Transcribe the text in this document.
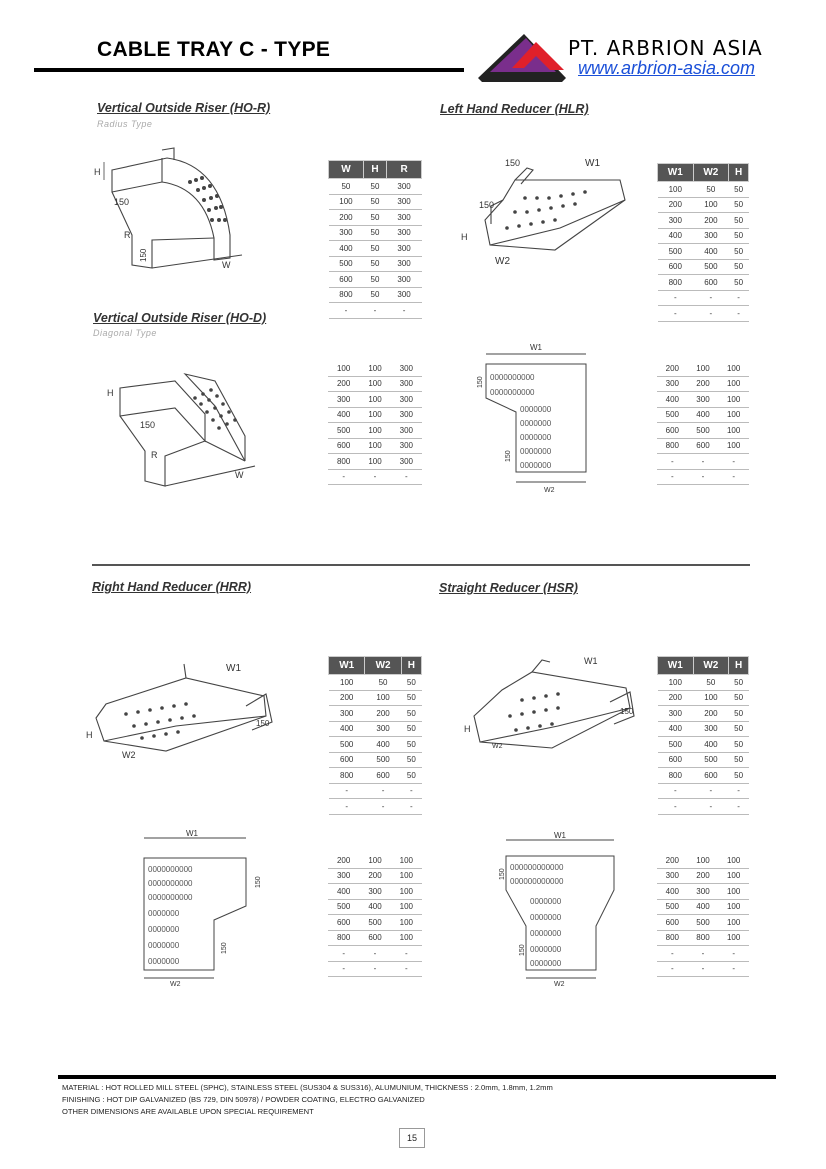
CABLE TRAY C - TYPE	PT. ARBRION ASIA
www.arbrion-asia.com
Vertical Outside Riser (HO-R)
Radius Type
Left Hand Reducer (HLR)
Vertical Outside Riser (HO-D)
Diagonal Type
Right Hand Reducer (HRR)	Straight Reducer (HSR)
H
150
R
150
W
W1
150
150
H
W2
H
150
R
W
W1
0000000000
0000000000
0000000
0000000
0000000
0000000
0000000
W2
150
150
W1
150
H
W2
W1
150
H
W2
W1
0000000000
0000000000
0000000000
0000000
0000000
0000000
0000000
W2
150
150
W1
000000000000
000000000000
0000000
0000000
0000000
0000000
0000000
W2
150
150
W	H	R
50	50	300
100	50	300
200	50	300
300	50	300
400	50	300
500	50	300
600	50	300
800	50	300
-	-	-
W1	W2	H
100	50	50
200	100	50
300	200	50
400	300	50
500	400	50
600	500	50
800	600	50
-	-	-
-	-	-
100	100	300
200	100	300
300	100	300
400	100	300
500	100	300
600	100	300
800	100	300
-	-	-
200	100	100
300	200	100
400	300	100
500	400	100
600	500	100
800	600	100
-	-	-
-	-	-
W1	W2	H
100	50	50
200	100	50
300	200	50
400	300	50
500	400	50
600	500	50
800	600	50
-	-	-
-	-	-
W1	W2	H
100	50	50
200	100	50
300	200	50
400	300	50
500	400	50
600	500	50
800	600	50
-	-	-
-	-	-
200	100	100
300	200	100
400	300	100
500	400	100
600	500	100
800	600	100
-	-	-
-	-	-
200	100	100
300	200	100
400	300	100
500	400	100
600	500	100
800	800	100
-	-	-
-	-	-
MATERIAL : HOT ROLLED MILL STEEL (SPHC), STAINLESS STEEL (SUS304 & SUS316), ALUMUNIUM, THICKNESS : 2.0mm, 1.8mm, 1.2mm
FINISHING : HOT DIP GALVANIZED (BS 729, DIN 50978) / POWDER COATING, ELECTRO GALVANIZED
OTHER DIMENSIONS ARE AVAILABLE UPON SPECIAL REQUIREMENT
15
